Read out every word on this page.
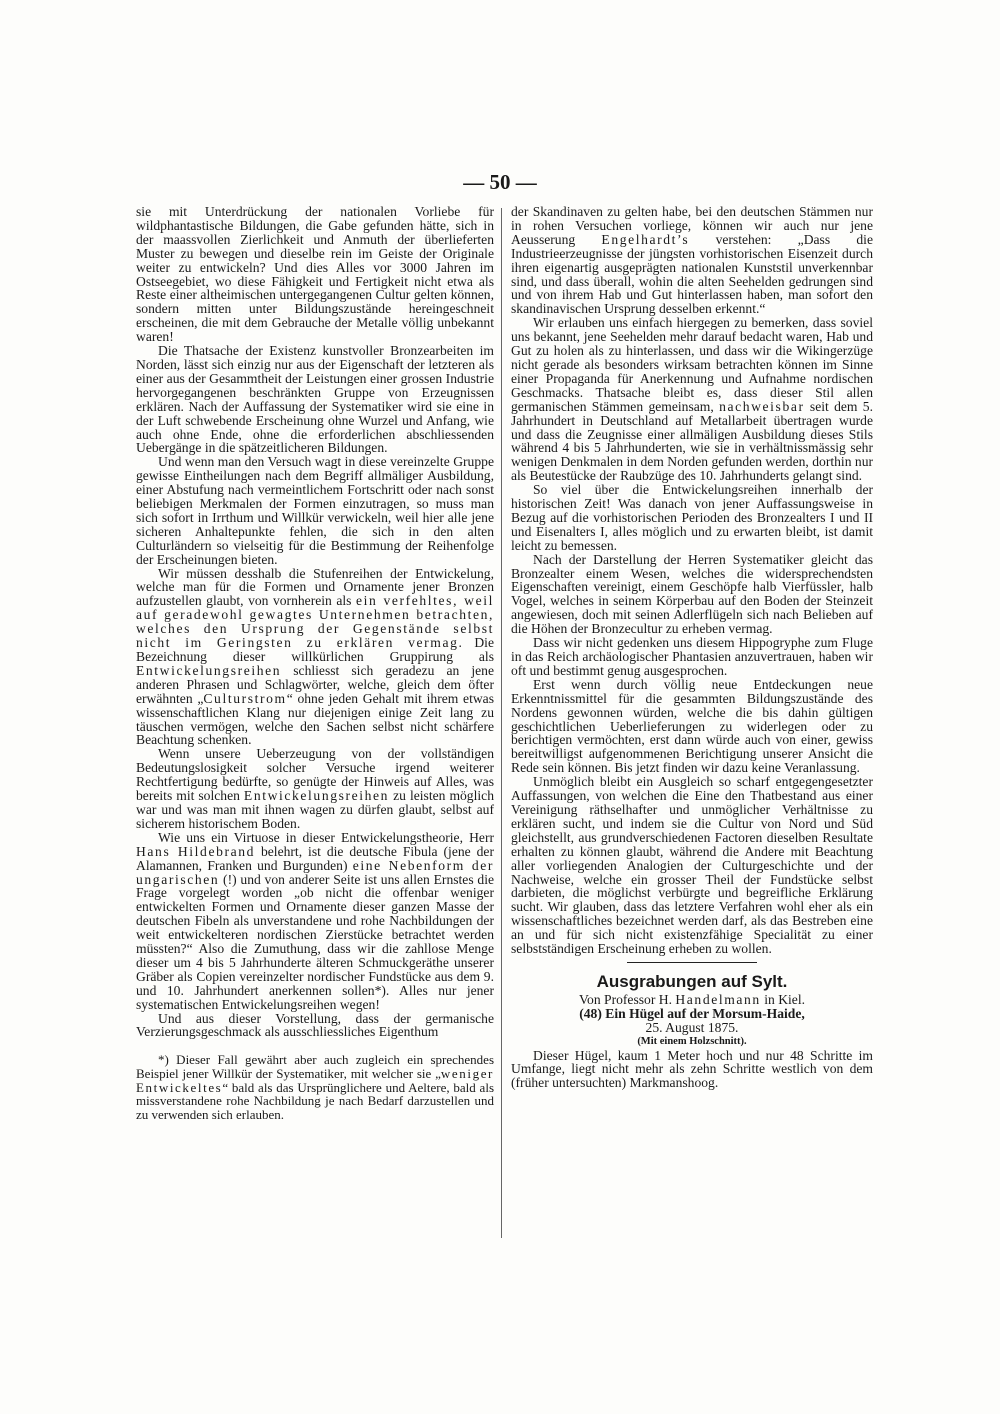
— 50 —

sie mit Unterdrückung der nationalen Vorliebe für wildphantastische Bildungen, die Gabe gefunden hätte, sich in der maassvollen Zierlichkeit und Anmuth der überlieferten Muster zu bewegen und dieselbe rein im Geiste der Originale weiter zu entwickeln? Und dies Alles vor 3000 Jahren im Ostseegebiet, wo diese Fähigkeit und Fertigkeit nicht etwa als Reste einer altheimischen untergegangenen Cultur gelten können, sondern mitten unter Bildungszustände hereingeschneit erscheinen, die mit dem Gebrauche der Metalle völlig unbekannt waren!

Die Thatsache der Existenz kunstvoller Bronzearbeiten im Norden, lässt sich einzig nur aus der Eigenschaft der letzteren als einer aus der Gesammtheit der Leistungen einer grossen Industrie hervorgegangenen beschränkten Gruppe von Erzeugnissen erklären. Nach der Auffassung der Systematiker wird sie eine in der Luft schwebende Erscheinung ohne Wurzel und Anfang, wie auch ohne Ende, ohne die erforderlichen abschliessenden Uebergänge in die spätzeitlicheren Bildungen.

Und wenn man den Versuch wagt in diese vereinzelte Gruppe gewisse Eintheilungen nach dem Begriff allmäliger Ausbildung, einer Abstufung nach vermeintlichem Fortschritt oder nach sonst beliebigen Merkmalen der Formen einzutragen, so muss man sich sofort in Irrthum und Willkür verwickeln, weil hier alle jene sicheren Anhaltepunkte fehlen, die sich in den alten Culturländern so vielseitig für die Bestimmung der Reihenfolge der Erscheinungen bieten.

Wir müssen desshalb die Stufenreihen der Entwickelung, welche man für die Formen und Ornamente jener Bronzen aufzustellen glaubt, von vornherein als ein verfehltes, weil auf geradewohl gewagtes Unternehmen betrachten, welches den Ursprung der Gegenstände selbst nicht im Geringsten zu erklären vermag. Die Bezeichnung dieser willkürlichen Gruppirung als Entwickelungsreihen schliesst sich geradezu an jene anderen Phrasen und Schlagwörter, welche, gleich dem öfter erwähnten „Culturstrom“ ohne jeden Gehalt mit ihrem etwas wissenschaftlichen Klang nur diejenigen einige Zeit lang zu täuschen vermögen, welche den Sachen selbst nicht schärfere Beachtung schenken.

Wenn unsere Ueberzeugung von der vollständigen Bedeutungslosigkeit solcher Versuche irgend weiterer Rechtfertigung bedürfte, so genügte der Hinweis auf Alles, was bereits mit solchen Entwickelungsreihen zu leisten möglich war und was man mit ihnen wagen zu dürfen glaubt, selbst auf sicherem historischem Boden.

Wie uns ein Virtuose in dieser Entwickelungstheorie, Herr Hans Hildebrand belehrt, ist die deutsche Fibula (jene der Alamannen, Franken und Burgunden) eine Nebenform der ungarischen (!) und von anderer Seite ist uns allen Ernstes die Frage vorgelegt worden „ob nicht die offenbar weniger entwickelten Formen und Ornamente dieser ganzen Masse der deutschen Fibeln als unverstandene und rohe Nachbildungen der weit entwickelteren nordischen Zierstücke betrachtet werden müssten?“ Also die Zumuthung, dass wir die zahllose Menge dieser um 4 bis 5 Jahrhunderte älteren Schmuckgeräthe unserer Gräber als Copien vereinzelter nordischer Fundstücke aus dem 9. und 10. Jahrhundert anerkennen sollen*). Alles nur jener systematischen Entwickelungsreihen wegen!

Und aus dieser Vorstellung, dass der germanische Verzierungsgeschmack als ausschliessliches Eigenthum

*) Dieser Fall gewährt aber auch zugleich ein sprechendes Beispiel jener Willkür der Systematiker, mit welcher sie „weniger Entwickeltes“ bald als das Ursprünglichere und Aeltere, bald als missverstandene rohe Nachbildung je nach Bedarf darzustellen und zu verwenden sich erlauben.

der Skandinaven zu gelten habe, bei den deutschen Stämmen nur in rohen Versuchen vorliege, können wir auch nur jene Aeusserung Engelhardt’s verstehen: „Dass die Industrieerzeugnisse der jüngsten vorhistorischen Eisenzeit durch ihren eigenartig ausgeprägten nationalen Kunststil unverkennbar sind, und dass überall, wohin die alten Seehelden gedrungen sind und von ihrem Hab und Gut hinterlassen haben, man sofort den skandinavischen Ursprung desselben erkennt.“

Wir erlauben uns einfach hiergegen zu bemerken, dass soviel uns bekannt, jene Seehelden mehr darauf bedacht waren, Hab und Gut zu holen als zu hinterlassen, und dass wir die Wikingerzüge nicht gerade als besonders wirksam betrachten können im Sinne einer Propaganda für Anerkennung und Aufnahme nordischen Geschmacks. Thatsache bleibt es, dass dieser Stil allen germanischen Stämmen gemeinsam, nachweisbar seit dem 5. Jahrhundert in Deutschland auf Metallarbeit übertragen wurde und dass die Zeugnisse einer allmäligen Ausbildung dieses Stils während 4 bis 5 Jahrhunderten, wie sie in verhältnissmässig sehr wenigen Denkmalen in dem Norden gefunden werden, dorthin nur als Beutestücke der Raubzüge des 10. Jahrhunderts gelangt sind.

So viel über die Entwickelungsreihen innerhalb der historischen Zeit! Was danach von jener Auffassungsweise in Bezug auf die vorhistorischen Perioden des Bronzealters I und II und Eisenalters I, alles möglich und zu erwarten bleibt, ist damit leicht zu bemessen.

Nach der Darstellung der Herren Systematiker gleicht das Bronzealter einem Wesen, welches die widersprechendsten Eigenschaften vereinigt, einem Geschöpfe halb Vierfüssler, halb Vogel, welches in seinem Körperbau auf den Boden der Steinzeit angewiesen, doch mit seinen Adlerflügeln sich nach Belieben auf die Höhen der Bronzecultur zu erheben vermag.

Dass wir nicht gedenken uns diesem Hippogryphe zum Fluge in das Reich archäologischer Phantasien anzuvertrauen, haben wir oft und bestimmt genug ausgesprochen.

Erst wenn durch völlig neue Entdeckungen neue Erkenntnissmittel für die gesammten Bildungszustände des Nordens gewonnen würden, welche die bis dahin gültigen geschichtlichen Ueberlieferungen zu widerlegen oder zu berichtigen vermöchten, erst dann würde auch von einer, gewiss bereitwilligst aufgenommenen Berichtigung unserer Ansicht die Rede sein können. Bis jetzt finden wir dazu keine Veranlassung.

Unmöglich bleibt ein Ausgleich so scharf entgegengesetzter Auffassungen, von welchen die Eine den Thatbestand aus einer Vereinigung räthselhafter und unmöglicher Verhältnisse zu erklären sucht, und indem sie die Cultur von Nord und Süd gleichstellt, aus grundverschiedenen Factoren dieselben Resultate erhalten zu können glaubt, während die Andere mit Beachtung aller vorliegenden Analogien der Culturgeschichte und der Nachweise, welche ein grosser Theil der Fundstücke selbst darbieten, die möglichst verbürgte und begreifliche Erklärung sucht. Wir glauben, dass das letztere Verfahren wohl eher als ein wissenschaftliches bezeichnet werden darf, als das Bestreben eine an und für sich nicht existenzfähige Specialität zu einer selbstständigen Erscheinung erheben zu wollen.

Ausgrabungen auf Sylt.

Von Professor H. Handelmann in Kiel.

(48) Ein Hügel auf der Morsum-Haide,

25. August 1875.

(Mit einem Holzschnitt).

Dieser Hügel, kaum 1 Meter hoch und nur 48 Schritte im Umfange, liegt nicht mehr als zehn Schritte westlich von dem (früher untersuchten) Markmanshoog.
